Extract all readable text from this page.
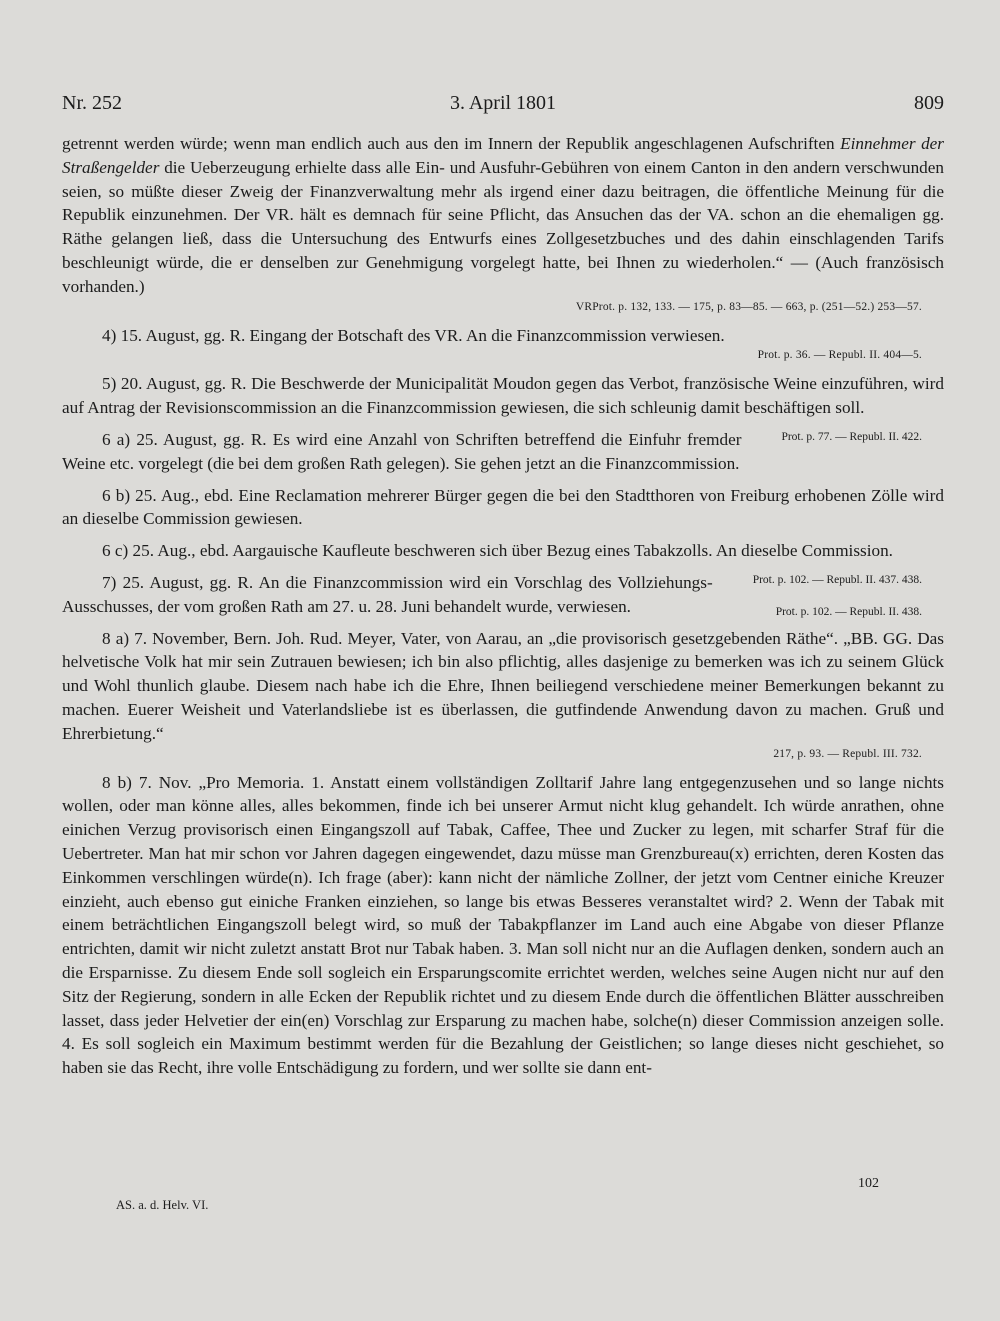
Nr. 252	3. April 1801	809

getrennt werden würde; wenn man endlich auch aus den im Innern der Republik angeschlagenen Aufschriften Einnehmer der Straßengelder die Ueberzeugung erhielte dass alle Ein- und Ausfuhr-Gebühren von einem Canton in den andern verschwunden seien, so müßte dieser Zweig der Finanzverwaltung mehr als irgend einer dazu beitragen, die öffentliche Meinung für die Republik einzunehmen. Der VR. hält es demnach für seine Pflicht, das Ansuchen das der VA. schon an die ehemaligen gg. Räthe gelangen ließ, dass die Untersuchung des Entwurfs eines Zollgesetzbuches und des dahin einschlagenden Tarifs beschleunigt würde, die er denselben zur Genehmigung vorgelegt hatte, bei Ihnen zu wiederholen.“ — (Auch französisch vorhanden.)

VRProt. p. 132, 133. — 175, p. 83—85. — 663, p. (251—52.) 253—57.

4) 15. August, gg. R. Eingang der Botschaft des VR. An die Finanzcommission verwiesen.

Prot. p. 36. — Republ. II. 404—5.

5) 20. August, gg. R. Die Beschwerde der Municipalität Moudon gegen das Verbot, französische Weine einzuführen, wird auf Antrag der Revisionscommission an die Finanzcommission gewiesen, die sich schleunig damit beschäftigen soll.
Prot. p. 77. — Republ. II. 422.

6 a) 25. August, gg. R. Es wird eine Anzahl von Schriften betreffend die Einfuhr fremder Weine etc. vorgelegt (die bei dem großen Rath gelegen). Sie gehen jetzt an die Finanzcommission.

6 b) 25. Aug., ebd. Eine Reclamation mehrerer Bürger gegen die bei den Stadtthoren von Freiburg erhobenen Zölle wird an dieselbe Commission gewiesen.

6 c) 25. Aug., ebd. Aargauische Kaufleute beschweren sich über Bezug eines Tabakzolls. An dieselbe Commission.
Prot. p. 102. — Republ. II. 437. 438.

7) 25. August, gg. R. An die Finanzcommission wird ein Vorschlag des Vollziehungs-Ausschusses, der vom großen Rath am 27. u. 28. Juni behandelt wurde, verwiesen.	Prot. p. 102. — Republ. II. 438.

8 a) 7. November, Bern. Joh. Rud. Meyer, Vater, von Aarau, an „die provisorisch gesetzgebenden Räthe“. „BB. GG. Das helvetische Volk hat mir sein Zutrauen bewiesen; ich bin also pflichtig, alles dasjenige zu bemerken was ich zu seinem Glück und Wohl thunlich glaube. Diesem nach habe ich die Ehre, Ihnen beiliegend verschiedene meiner Bemerkungen bekannt zu machen. Euerer Weisheit und Vaterlandsliebe ist es überlassen, die gutfindende Anwendung davon zu machen. Gruß und Ehrerbietung.“

217, p. 93. — Republ. III. 732.

8 b) 7. Nov. „Pro Memoria. 1. Anstatt einem vollständigen Zolltarif Jahre lang entgegenzusehen und so lange nichts wollen, oder man könne alles, alles bekommen, finde ich bei unserer Armut nicht klug gehandelt. Ich würde anrathen, ohne einichen Verzug provisorisch einen Eingangszoll auf Tabak, Caffee, Thee und Zucker zu legen, mit scharfer Straf für die Uebertreter. Man hat mir schon vor Jahren dagegen eingewendet, dazu müsse man Grenzbureau(x) errichten, deren Kosten das Einkommen verschlingen würde(n). Ich frage (aber): kann nicht der nämliche Zollner, der jetzt vom Centner einiche Kreuzer einzieht, auch ebenso gut einiche Franken einziehen, so lange bis etwas Besseres veranstaltet wird? 2. Wenn der Tabak mit einem beträchtlichen Eingangszoll belegt wird, so muß der Tabakpflanzer im Land auch eine Abgabe von dieser Pflanze entrichten, damit wir nicht zuletzt anstatt Brot nur Tabak haben. 3. Man soll nicht nur an die Auflagen denken, sondern auch an die Ersparnisse. Zu diesem Ende soll sogleich ein Ersparungscomite errichtet werden, welches seine Augen nicht nur auf den Sitz der Regierung, sondern in alle Ecken der Republik richtet und zu diesem Ende durch die öffentlichen Blätter ausschreiben lasset, dass jeder Helvetier der ein(en) Vorschlag zur Ersparung zu machen habe, solche(n) dieser Commission anzeigen solle. 4. Es soll sogleich ein Maximum bestimmt werden für die Bezahlung der Geistlichen; so lange dieses nicht geschiehet, so haben sie das Recht, ihre volle Entschädigung zu fordern, und wer sollte sie dann ent-

102
AS. a. d. Helv. VI.
